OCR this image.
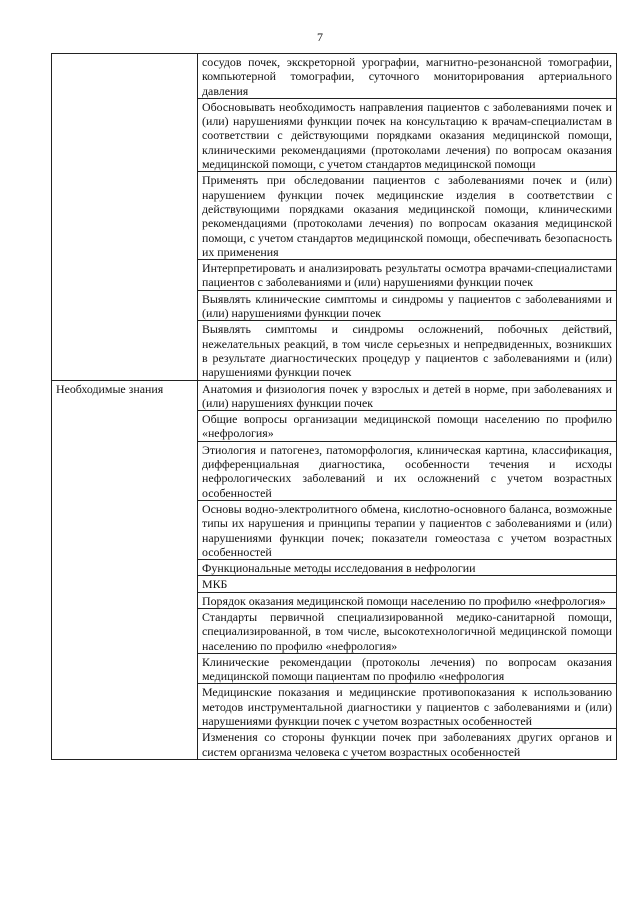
7
	сосудов почек, экскреторной урографии, магнитно-резонансной томографии, компьютерной томографии, суточного мониторирования артериального давления
	Обосновывать необходимость направления пациентов с заболеваниями почек и (или) нарушениями функции почек на консультацию к врачам-специалистам в соответствии с действующими порядками оказания медицинской помощи, клиническими рекомендациями (протоколами лечения) по вопросам оказания медицинской помощи, с учетом стандартов медицинской помощи
	Применять при обследовании пациентов с заболеваниями почек и (или) нарушением функции почек медицинские изделия в соответствии с действующими порядками оказания медицинской помощи, клиническими рекомендациями (протоколами лечения) по вопросам оказания медицинской помощи, с учетом стандартов медицинской помощи, обеспечивать безопасность их применения
	Интерпретировать и анализировать результаты осмотра врачами-специалистами пациентов с заболеваниями и (или) нарушениями функции почек
	Выявлять клинические симптомы и синдромы у пациентов с заболеваниями и (или) нарушениями функции почек
	Выявлять симптомы и синдромы осложнений, побочных действий, нежелательных реакций, в том числе серьезных и непредвиденных, возникших в результате диагностических процедур у пациентов с заболеваниями и (или) нарушениями функции почек
Необходимые знания	Анатомия и физиология почек у взрослых и детей в норме, при заболеваниях и (или) нарушениях функции почек
	Общие вопросы организации медицинской помощи населению по профилю «нефрология»
	Этиология и патогенез, патоморфология, клиническая картина, классификация, дифференциальная диагностика, особенности течения и исходы нефрологических заболеваний и их осложнений с учетом возрастных особенностей
	Основы водно-электролитного обмена, кислотно-основного баланса, возможные типы их нарушения и принципы терапии у пациентов с заболеваниями и (или) нарушениями функции почек; показатели гомеостаза с учетом возрастных особенностей
	Функциональные методы исследования в нефрологии
	МКБ
	Порядок оказания медицинской помощи населению по профилю «нефрология»
	Стандарты первичной специализированной медико-санитарной помощи, специализированной, в том числе, высокотехнологичной медицинской помощи населению по профилю «нефрология»
	Клинические рекомендации (протоколы лечения) по вопросам оказания медицинской помощи пациентам по профилю «нефрология
	Медицинские показания и медицинские противопоказания к использованию методов инструментальной диагностики у пациентов с заболеваниями и (или) нарушениями функции почек с учетом возрастных особенностей
	Изменения со стороны функции почек при заболеваниях других органов и систем организма человека с учетом возрастных особенностей
